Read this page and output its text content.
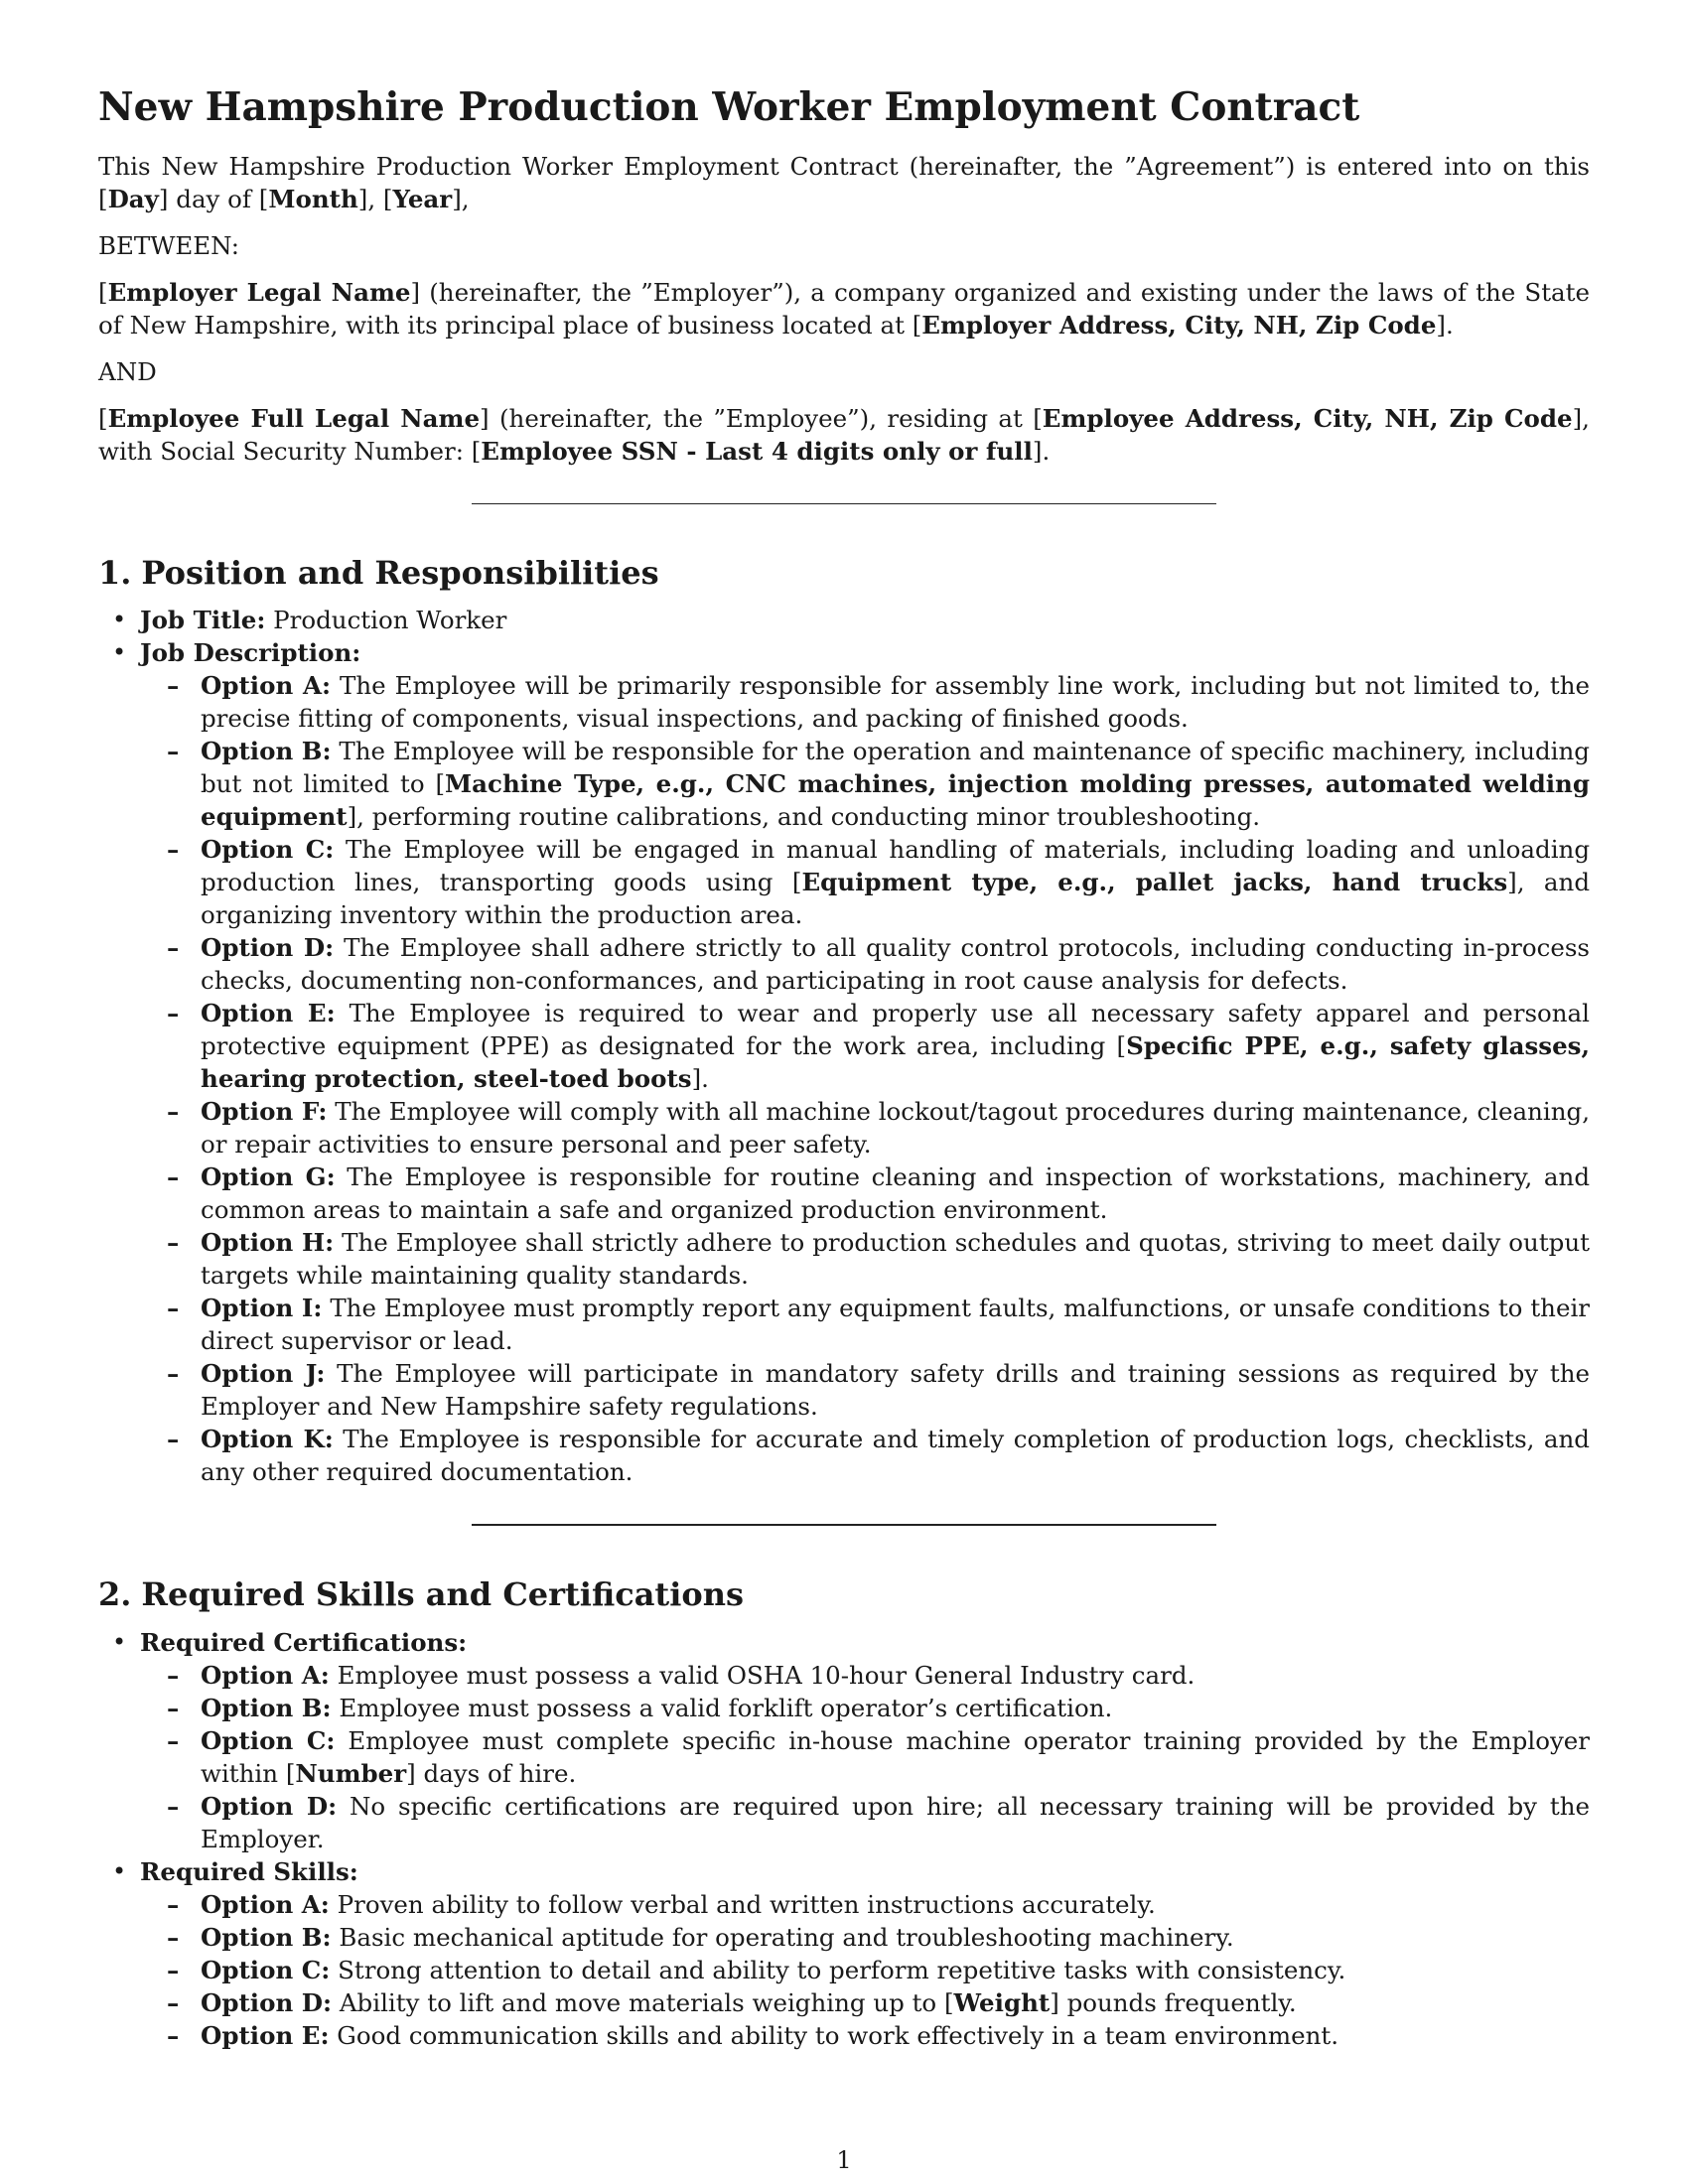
New Hampshire Production Worker Employment Contract

This New Hampshire Production Worker Employment Contract (hereinafter, the ”Agreement”) is entered into on this [Day] day of [Month], [Year],

BETWEEN:

[Employer Legal Name] (hereinafter, the ”Employer”), a company organized and existing under the laws of the State of New Hampshire, with its principal place of business located at [Employer Address, City, NH, Zip Code].

AND

[Employee Full Legal Name] (hereinafter, the ”Employee”), residing at [Employee Address, City, NH, Zip Code], with Social Security Number: [Employee SSN - Last 4 digits only or full].

1. Position and Responsibilities
• Job Title: Production Worker
• Job Description:
– Option A: The Employee will be primarily responsible for assembly line work, including but not limited to, the precise fitting of components, visual inspections, and packing of finished goods.
– Option B: The Employee will be responsible for the operation and maintenance of specific machinery, including but not limited to [Machine Type, e.g., CNC machines, injection molding presses, automated welding equipment], performing routine calibrations, and conducting minor troubleshooting.
– Option C: The Employee will be engaged in manual handling of materials, including loading and unloading production lines, transporting goods using [Equipment type, e.g., pallet jacks, hand trucks], and organizing inventory within the production area.
– Option D: The Employee shall adhere strictly to all quality control protocols, including conducting in-process checks, documenting non-conformances, and participating in root cause analysis for defects.
– Option E: The Employee is required to wear and properly use all necessary safety apparel and personal protective equipment (PPE) as designated for the work area, including [Specific PPE, e.g., safety glasses, hearing protection, steel-toed boots].
– Option F: The Employee will comply with all machine lockout/tagout procedures during maintenance, cleaning, or repair activities to ensure personal and peer safety.
– Option G: The Employee is responsible for routine cleaning and inspection of workstations, machinery, and common areas to maintain a safe and organized production environment.
– Option H: The Employee shall strictly adhere to production schedules and quotas, striving to meet daily output targets while maintaining quality standards.
– Option I: The Employee must promptly report any equipment faults, malfunctions, or unsafe conditions to their direct supervisor or lead.
– Option J: The Employee will participate in mandatory safety drills and training sessions as required by the Employer and New Hampshire safety regulations.
– Option K: The Employee is responsible for accurate and timely completion of production logs, checklists, and any other required documentation.
2. Required Skills and Certifications
• Required Certifications:
– Option A: Employee must possess a valid OSHA 10-hour General Industry card.
– Option B: Employee must possess a valid forklift operator’s certification.
– Option C: Employee must complete specific in-house machine operator training provided by the Employer within [Number] days of hire.
– Option D: No specific certifications are required upon hire; all necessary training will be provided by the Employer.
• Required Skills:
– Option A: Proven ability to follow verbal and written instructions accurately.
– Option B: Basic mechanical aptitude for operating and troubleshooting machinery.
– Option C: Strong attention to detail and ability to perform repetitive tasks with consistency.
– Option D: Ability to lift and move materials weighing up to [Weight] pounds frequently.
– Option E: Good communication skills and ability to work effectively in a team environment.
1
